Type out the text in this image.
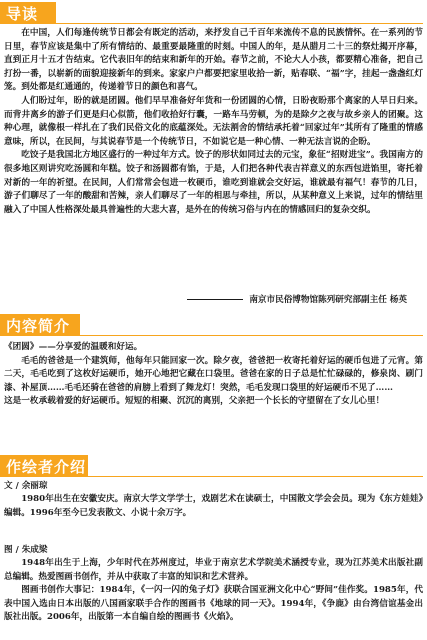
导读

在中国，人们每逢传统节日都会有既定的活动，来抒发自己千百年来流传不息的民族情怀。在一系列的节日里，春节应该是集中了所有情结的、最重要最隆重的时刻。中国人的年，是从腊月二十三的祭灶揭开序幕，直到正月十五才告结束。它代表旧年的结束和新年的开始。春节之前，不论大人小孩，都要精心准备，把自己打扮一番，以崭新的面貌迎接新年的到来。家家户户都要把家里收拾一新，贴春联、“福”字，挂起一盏盏红灯笼。到处都是红通通的，传递着节日的颜色和喜气。

人们盼过年，盼的就是团圆。他们早早准备好年货和一份团圆的心情，日盼夜盼那个离家的人早日归来。而背井离乡的游子们更是归心似箭，他们收拾好行囊，一路车马劳顿，为的是除夕之夜与故乡亲人的团聚。这种心理，就像根一样扎在了我们民俗文化的底蕴深处。无法割舍的情结承托着“回家过年”其所有了隆重的情感意味，所以，在民间，与其说春节是一个传统节日，不如说它是一种心情、一种无法言说的企盼。

吃饺子是我国北方地区盛行的一种过年方式。饺子的形状如同过去的元宝，象征“招财进宝”。我国南方的很多地区则讲究吃汤圆和年糕。饺子和汤圆都有馅，于是，人们把各种代表吉祥意义的东西包进馅里，寄托着对新的一年的祈望。在民间，人们常常会包进一枚硬币，谁吃到谁就会交好运，谁就最有福气！春节的几日，游子们聊尽了一年的酸甜和苦辣，亲人们聊尽了一年的相思与牵挂，所以，从某种意义上来说，过年的情结里融入了中国人性格深处最具普遍性的大悲大喜，是外在的传统习俗与内在的情感回归的复杂交织。

南京市民俗博物馆陈列研究部副主任 杨英
内容简介

《团圆》——分享爱的温暖和好运。

毛毛的爸爸是一个建筑师，他每年只能回家一次。除夕夜，爸爸把一枚寄托着好运的硬币包进了元宵。第二天，毛毛吃到了这枚好运硬币，她开心地把它藏在口袋里。爸爸在家的日子总是忙忙碌碌的，修泉岗、刷门漆、补屋顶……毛毛还骑在爸爸的肩膀上看到了舞龙灯！突然，毛毛发现口袋里的好运硬币不见了……

这是一枚承载着爱的好运硬币。短短的相聚、沉沉的离别，父亲把一个长长的守望留在了女儿心里！

作绘者介绍
文 / 余丽琼

1980年出生在安徽安庆。南京大学文学学士，戏剧艺术在读硕士，中国散文学会会员。现为《东方娃娃》编辑。1996年至今已发表散文、小说十余万字。

图 / 朱成梁

1948年出生于上海，少年时代在苏州度过，毕业于南京艺术学院美术涵授专业，现为江苏美术出版社副总编辑。热爱图画书创作，并从中获取了丰富的知识和艺术营养。

图画书创作大事记：1984年，《一闪一闪的兔子灯》获联合国亚洲文化中心“野间”佳作奖。1985年，代表中国入选由日本出版的八国画家联手合作的图画书《地球的同一天》。1994年，《争鹿》由台湾信谊基金出版社出版。2006年，出版第一本自编自绘的图画书《火焰》。
